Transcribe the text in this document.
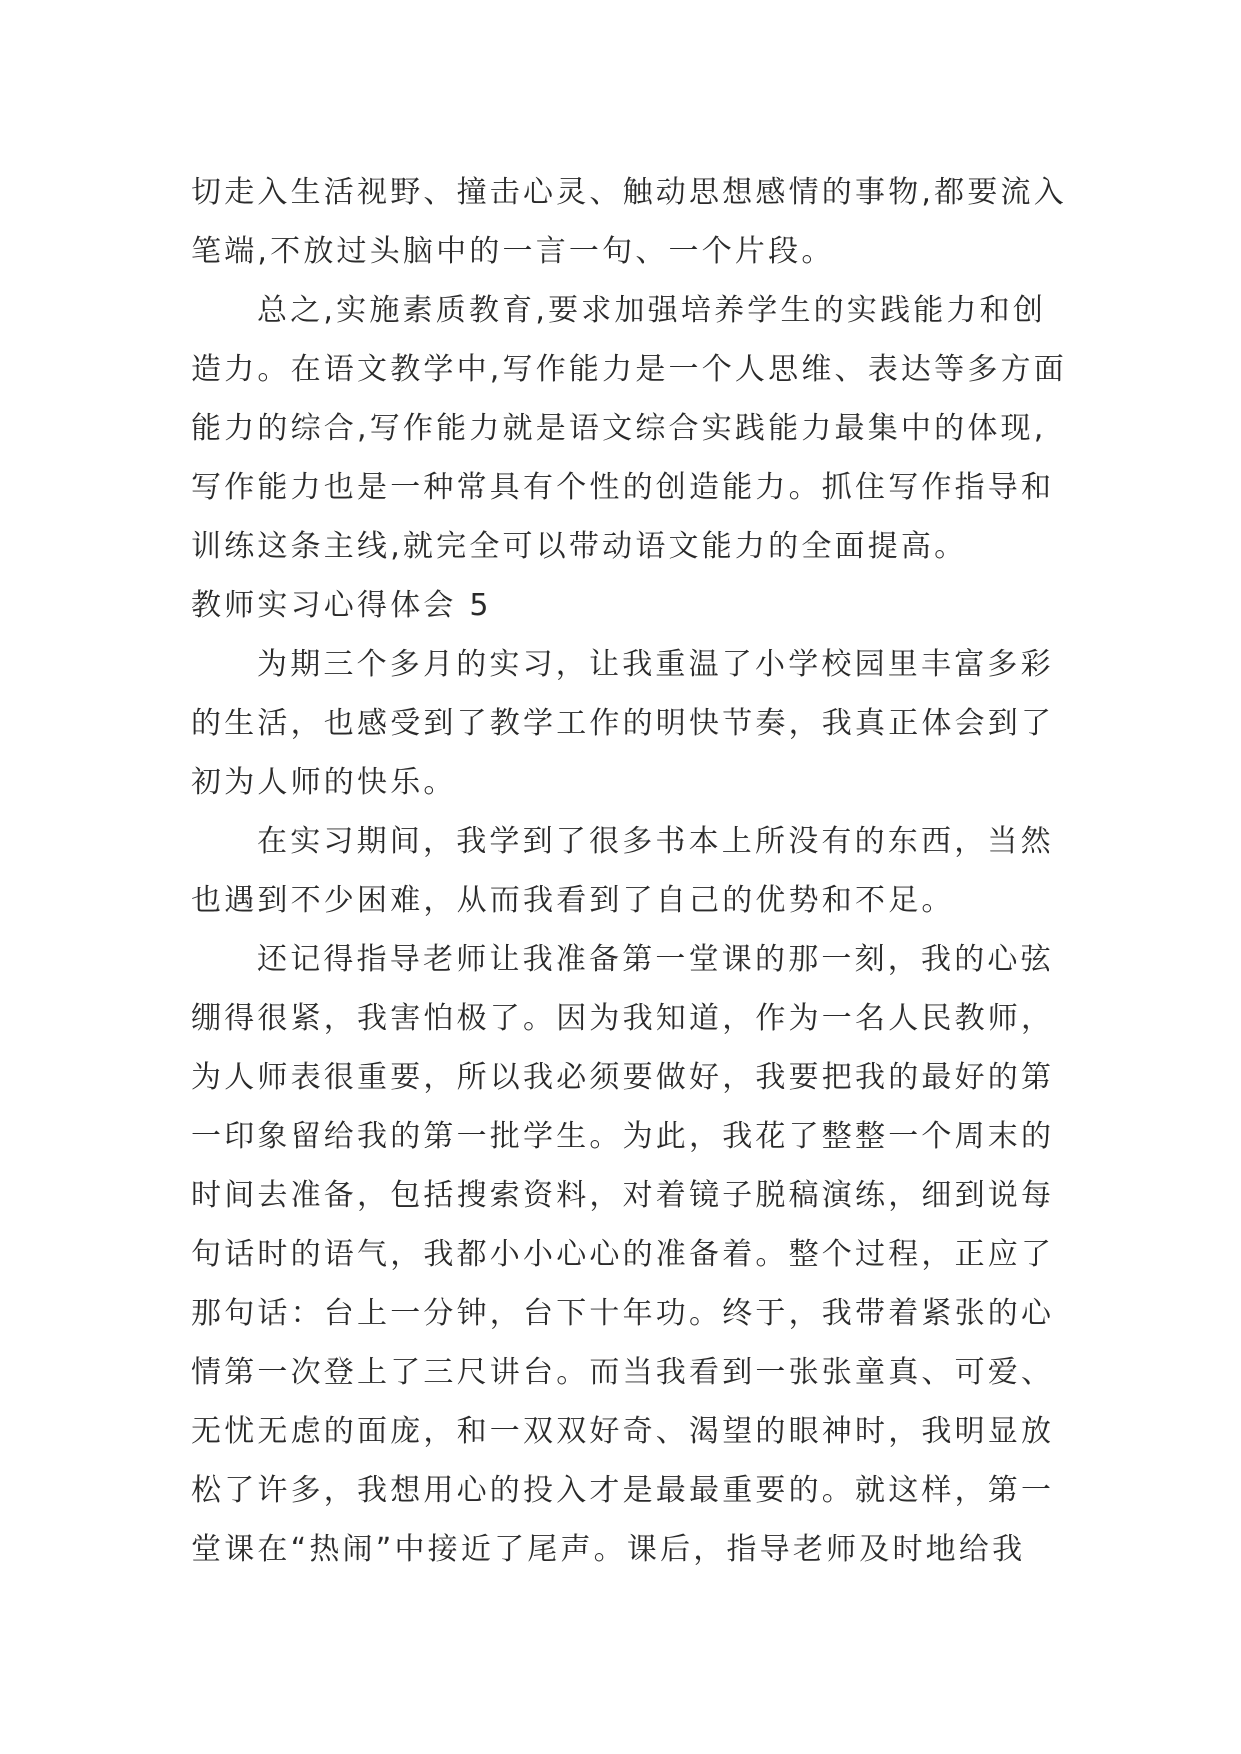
切走入生活视野、撞击心灵、触动思想感情的事物,都要流入笔端,不放过头脑中的一言一句、一个片段。

总之,实施素质教育,要求加强培养学生的实践能力和创造力。在语文教学中,写作能力是一个人思维、表达等多方面能力的综合,写作能力就是语文综合实践能力最集中的体现,写作能力也是一种常具有个性的创造能力。抓住写作指导和训练这条主线,就完全可以带动语文能力的全面提高。

教师实习心得体会 5

为期三个多月的实习，让我重温了小学校园里丰富多彩的生活，也感受到了教学工作的明快节奏，我真正体会到了初为人师的快乐。

在实习期间，我学到了很多书本上所没有的东西，当然也遇到不少困难，从而我看到了自己的优势和不足。

还记得指导老师让我准备第一堂课的那一刻，我的心弦绷得很紧，我害怕极了。因为我知道，作为一名人民教师，为人师表很重要，所以我必须要做好，我要把我的最好的第一印象留给我的第一批学生。为此，我花了整整一个周末的时间去准备，包括搜索资料，对着镜子脱稿演练，细到说每句话时的语气，我都小小心心的准备着。整个过程，正应了那句话：台上一分钟，台下十年功。终于，我带着紧张的心情第一次登上了三尺讲台。而当我看到一张张童真、可爱、无忧无虑的面庞，和一双双好奇、渴望的眼神时，我明显放松了许多，我想用心的投入才是最最重要的。就这样，第一堂课在“热闹”中接近了尾声。课后，指导老师及时地给我
